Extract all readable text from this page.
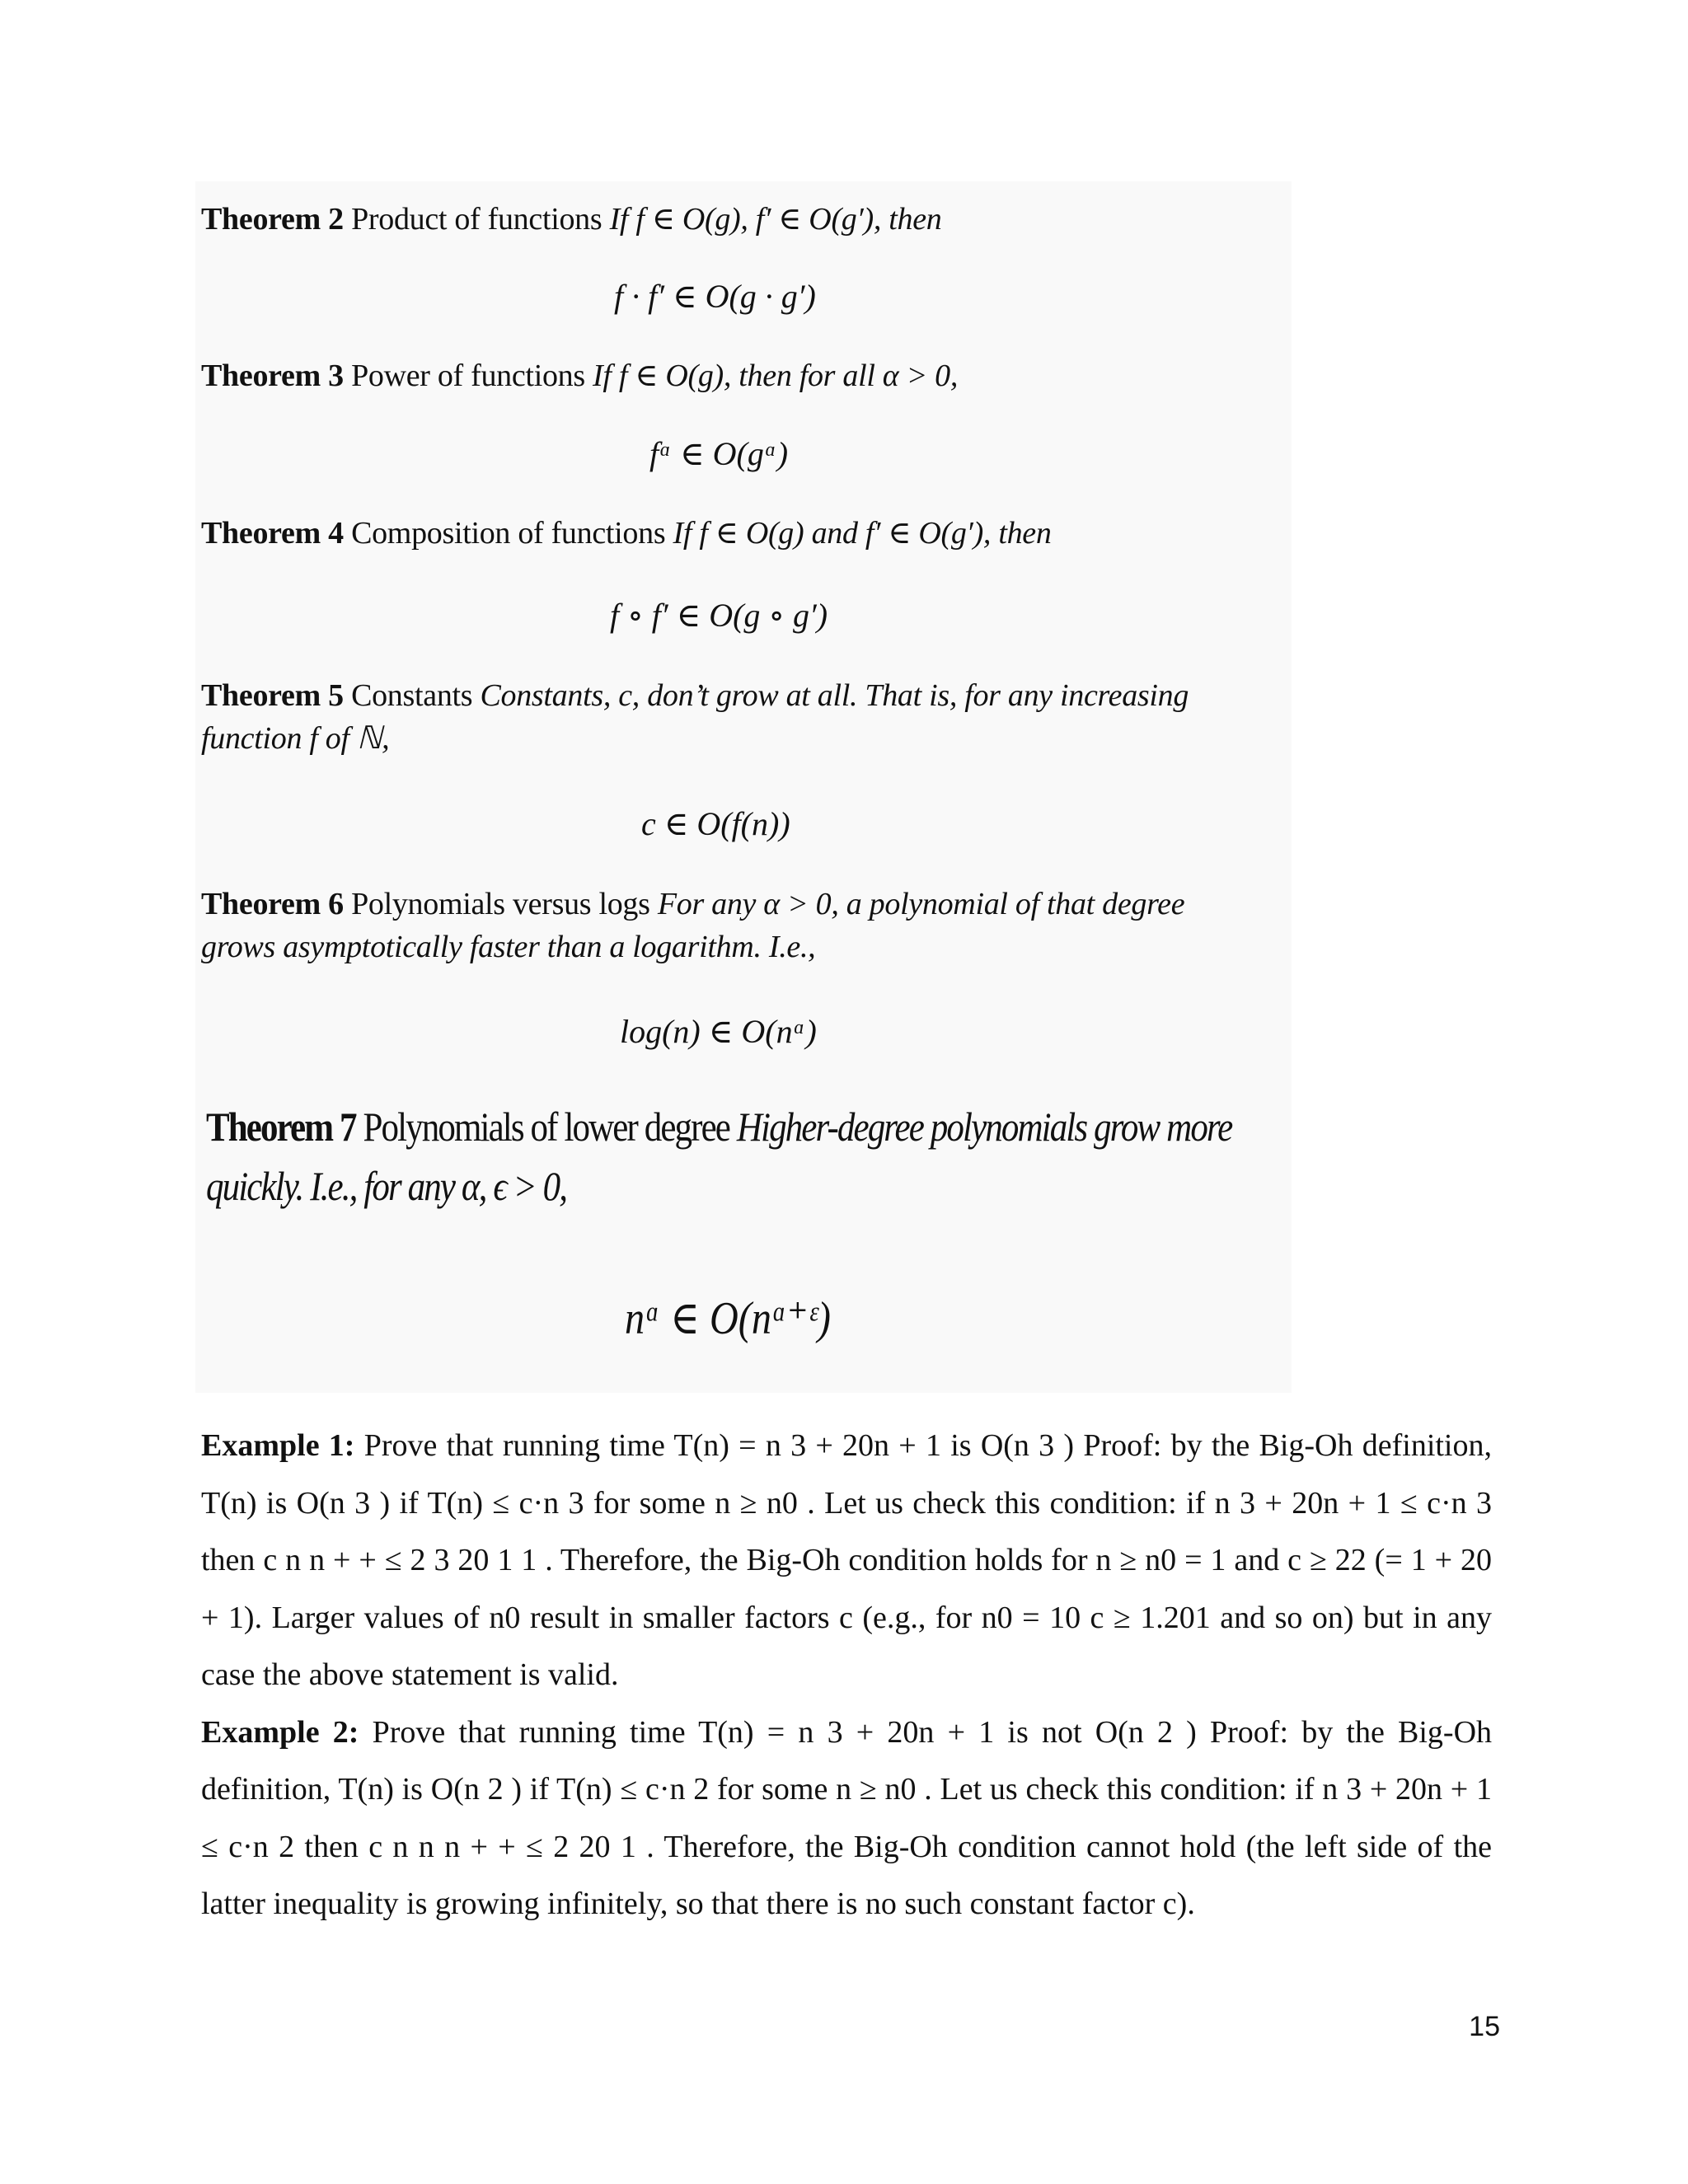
Theorem 2 Product of functions If f ∈ O(g), f′ ∈ O(g′), then
f · f′ ∈ O(g · g′)
Theorem 3 Power of functions If f ∈ O(g), then for all α > 0,
fᵅ ∈ O(gᵅ)
Theorem 4 Composition of functions If f ∈ O(g) and f′ ∈ O(g′), then
f ∘ f′ ∈ O(g ∘ g′)
Theorem 5 Constants Constants, c, don’t grow at all. That is, for any increasing function f of ℕ,
c ∈ O(f(n))
Theorem 6 Polynomials versus logs For any α > 0, a polynomial of that degree grows asymptotically faster than a logarithm. I.e.,
log(n) ∈ O(nᵅ)
Theorem 7 Polynomials of lower degree Higher-degree polynomials grow more quickly. I.e., for any α, ϵ > 0,
nᵅ ∈ O(nᵅ⁺ᵋ)

Example 1: Prove that running time T(n) = n 3 + 20n + 1 is O(n 3 ) Proof: by the Big-Oh definition, T(n) is O(n 3 ) if T(n) ≤ c·n 3 for some n ≥ n0 . Let us check this condition: if n 3 + 20n + 1 ≤ c·n 3 then c n n + + ≤ 2 3 20 1 1 . Therefore, the Big-Oh condition holds for n ≥ n0 = 1 and c ≥ 22 (= 1 + 20 + 1). Larger values of n0 result in smaller factors c (e.g., for n0 = 10 c ≥ 1.201 and so on) but in any case the above statement is valid.

Example 2: Prove that running time T(n) = n 3 + 20n + 1 is not O(n 2 ) Proof: by the Big-Oh definition, T(n) is O(n 2 ) if T(n) ≤ c·n 2 for some n ≥ n0 . Let us check this condition: if n 3 + 20n + 1 ≤ c·n 2 then c n n n + + ≤ 2 20 1 . Therefore, the Big-Oh condition cannot hold (the left side of the latter inequality is growing infinitely, so that there is no such constant factor c).

15
